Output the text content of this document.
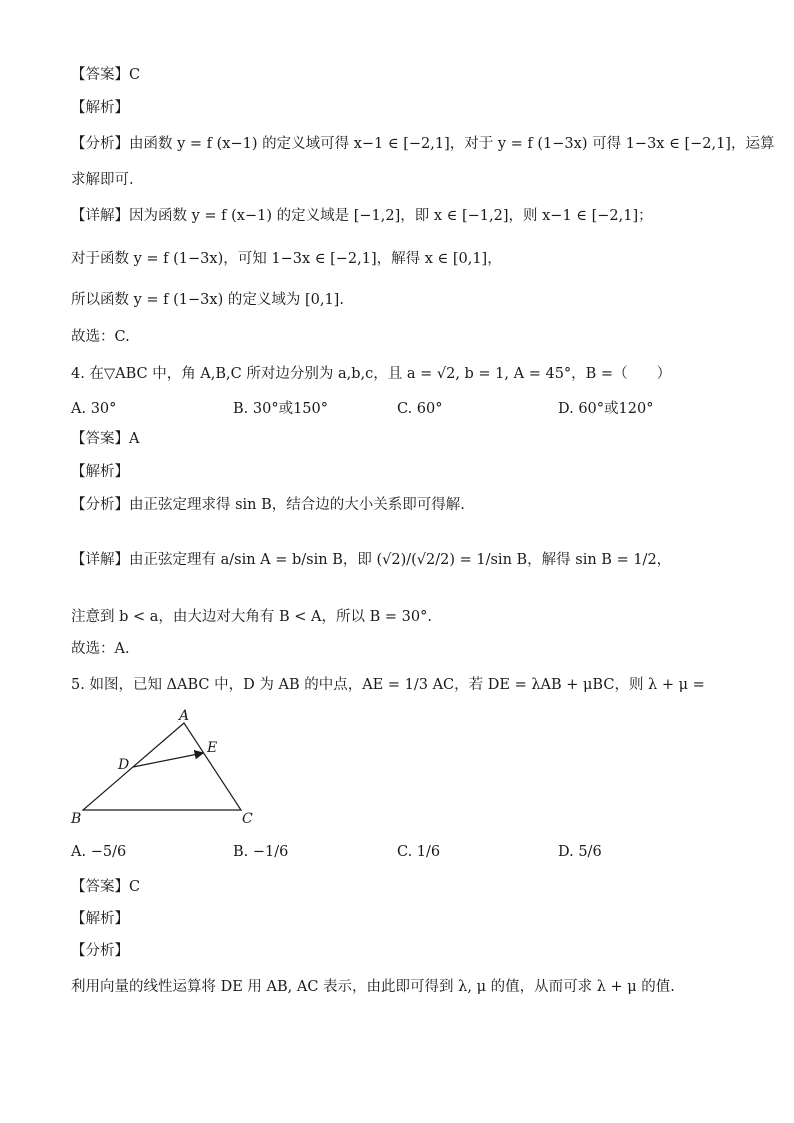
【答案】C
【解析】
【分析】由函数 y = f (x−1) 的定义域可得 x−1 ∈ [−2,1]，对于 y = f (1−3x) 可得 1−3x ∈ [−2,1]，运算
求解即可.
【详解】因为函数 y = f (x−1) 的定义域是 [−1,2]，即 x ∈ [−1,2]，则 x−1 ∈ [−2,1]；
对于函数 y = f (1−3x)，可知 1−3x ∈ [−2,1]，解得 x ∈ [0,1]，
所以函数 y = f (1−3x) 的定义域为 [0,1].
故选：C.
4. 在▽ABC 中，角 A,B,C 所对边分别为 a,b,c，且 a = √2, b = 1, A = 45°，B =（　　）
A. 30°	B. 30°或150°	C. 60°	D. 60°或120°
【答案】A
【解析】
【分析】由正弦定理求得 sin B，结合边的大小关系即可得解.
【详解】由正弦定理有 a/sin A = b/sin B，即 (√2)/(√2/2) = 1/sin B，解得 sin B = 1/2，
注意到 b < a，由大边对大角有 B < A，所以 B = 30°.
故选：A.
5. 如图，已知 ΔABC 中，D 为 AB 的中点，AE = 1/3 AC，若 DE = λAB + μBC，则 λ + μ =
A
B	C
D
E
A. −5/6	B. −1/6	C. 1/6	D. 5/6
【答案】C
【解析】
【分析】
利用向量的线性运算将 DE 用 AB, AC 表示，由此即可得到 λ, μ 的值，从而可求 λ + μ 的值.
